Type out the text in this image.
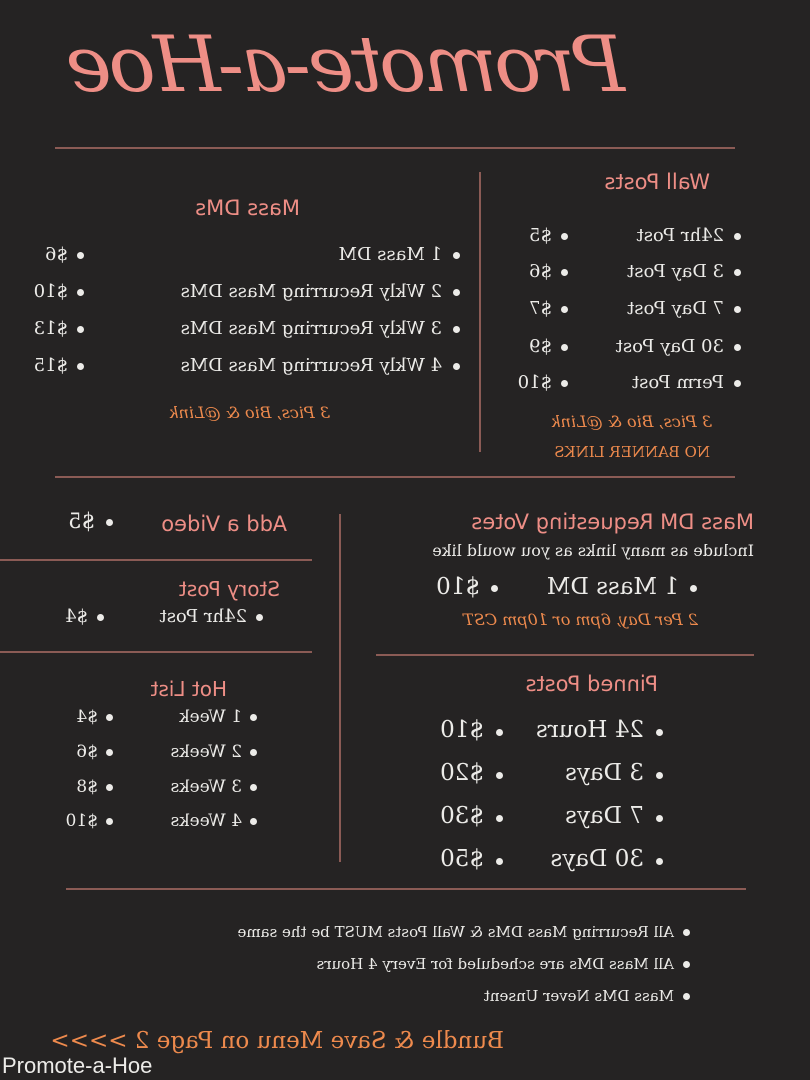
Promote-a-Hoe
Wall Posts
24hr Post
$5
3 Day Post
$6
7 Day Post
$7
30 Day Post
$9
Perm Post
$10
3 Pics, Bio & @Link
NO BANNER LINKS
Mass DMs
1 Mass DM
$6
2 Wkly Recurring Mass DMs
$10
3 Wkly Recurring Mass DMs
$13
4 Wkly Recurring Mass DMs
$15
3 Pics, Bio & @Link
Mass DM Requesting Votes
Include as many links as you would like
1 Mass DM
$10
2 Per Day, 6pm or 10pm CST
Add a Video
$5
Story Post
24hr Post
$4
Pinned Posts
24 Hours
$10
3 Days
$20
7 Days
$30
30 Days
$50
Hot List
1 Week
$4
2 Weeks
$6
3 Weeks
$8
4 Weeks
$10
All Recurring Mass DMs & Wall Posts MUST be the same
All Mass DMs are scheduled for Every 4 Hours
Mass DMs Never Unsent
Bundle & Save Menu on Page 2 >>>>
Promote-a-Hoe
